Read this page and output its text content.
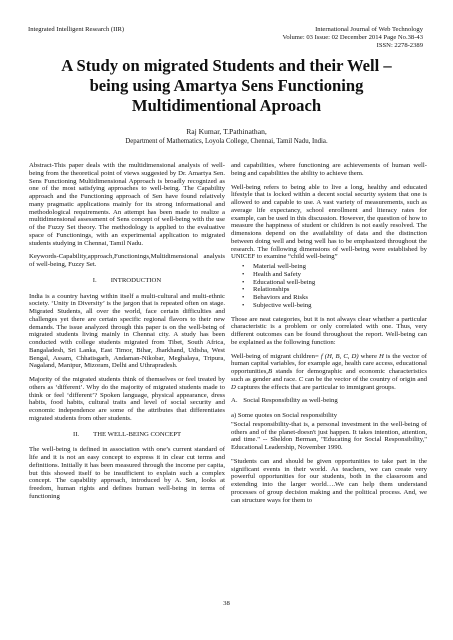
Integrated Intelligent Research (IIR)	International Journal of Web Technology
Volume: 03 Issue: 02 December 2014 Page No.38-43
ISSN: 2278-2389
A Study on migrated Students and their Well –
being using Amartya Sens Functioning
Multidimentional Aproach
Raj Kumar, T.Pathinathan,
Department of Mathematics, Loyola College, Chennai, Tamil Nadu, India.

Abstract-This paper deals with the multidimensional analysis of well-being from the theoretical point of views suggested by Dr. Amartya Sen. Sens Functioning Multidimensional Approach is broadly recognized as one of the most satisfying approaches to well-being. The Capability approach and the Functioning approach of Sen have found relatively many pragmatic applications mainly for its strong informational and methodological requirements. An attempt has been made to realize a multidimensional assessment of Sens concept of well-being with the use of the Fuzzy Set theory. The methodology is applied to the evaluative space of Functionings, with an experimental application to migrated students studying in Chennai, Tamil Nadu.

Keywords-Capability,approach,Functionings,Multidimensional analysis of well-being, Fuzzy Set.

I. INTRODUCTION

India is a country having within itself a multi-cultural and multi-ethnic society. ‘Unity in Diversity’ is the jargon that is repeated often on stage. Migrated Students, all over the world, face certain difficulties and challenges yet there are certain specific regional flavors to their new demands. The issue analyzed through this paper is on the well-being of migrated students living mainly in Chennai city. A study has been conducted with college students migrated from Tibet, South Africa, Bangaladesh, Sri Lanka, East Timor, Bihar, Jharkhand, Udisha, West Bengal, Assam, Chhatisgarh, Andaman-Nikobar, Meghalaya, Tripura, Nagaland, Manipur, Mizoram, Delhi and Uthrapradesh.

Majority of the migrated students think of themselves or feel treated by others as ‘different’. Why do the majority of migrated students made to think or feel ‘different’? Spoken language, physical appearance, dress habits, food habits, cultural traits and level of social security and economic independence are some of the attributes that differentiates migrated students from other students.

II. THE WELL-BEING CONCEPT

The well-being is defined in association with one’s current standard of life and it is not an easy concept to express it in clear cut terms and definitions. Initially it has been measured through the income per capita, but this showed itself to be insufficient to explain such a complex concept. The capability approach, introduced by A. Sen, looks at freedom, human rights and defines human well-being in terms of functioning

and capabilities, where functioning are achievements of human well-being and capabilities the ability to achieve them.

Well-being refers to being able to live a long, healthy and educated lifestyle that is locked within a decent social security system that one is allowed to and capable to use. A vast variety of measurements, such as average life expectancy, school enrollment and literacy rates for example, can be used in this discussion. However, the question of how to measure the happiness of student or children is not easily resolved. The dimensions depend on the availability of data and the distinction between doing well and being well has to be emphasized throughout the research. The following dimensions of well-being were established by UNICEF to examine “child well-being”

• Material well-being
• Health and Safety
• Educational well-being
• Relationships
• Behaviors and Risks
• Subjective well-being

Those are neat categories, but it is not always clear whether a particular characteristic is a problem or only correlated with one. Thus, very different outcomes can be found throughout the report. Well-being can be explained as the following function:

Well-being of migrant children= f (H, B, C, D) where H is the vector of human capital variables, for example age, health care access, educational opportunities,B stands for demographic and economic characteristics such as gender and race. C can be the vector of the country of origin and D captures the effects that are particular to immigrant groups.

A. Social Responsibility as well-being
a) Some quotes on Social responsibility

"Social responsibility-that is, a personal investment in the well-being of others and of the planet-doesn't just happen. It takes intention, attention, and time." -- Sheldon Berman, "Educating for Social Responsibility," Educational Leadership, November 1990.

"Students can and should be given opportunities to take part in the significant events in their world. As teachers, we can create very powerful opportunities for our students, both in the classroom and extending into the larger world….We can help them understand processes of group decision making and the political process. And, we can structure ways for them to

38
